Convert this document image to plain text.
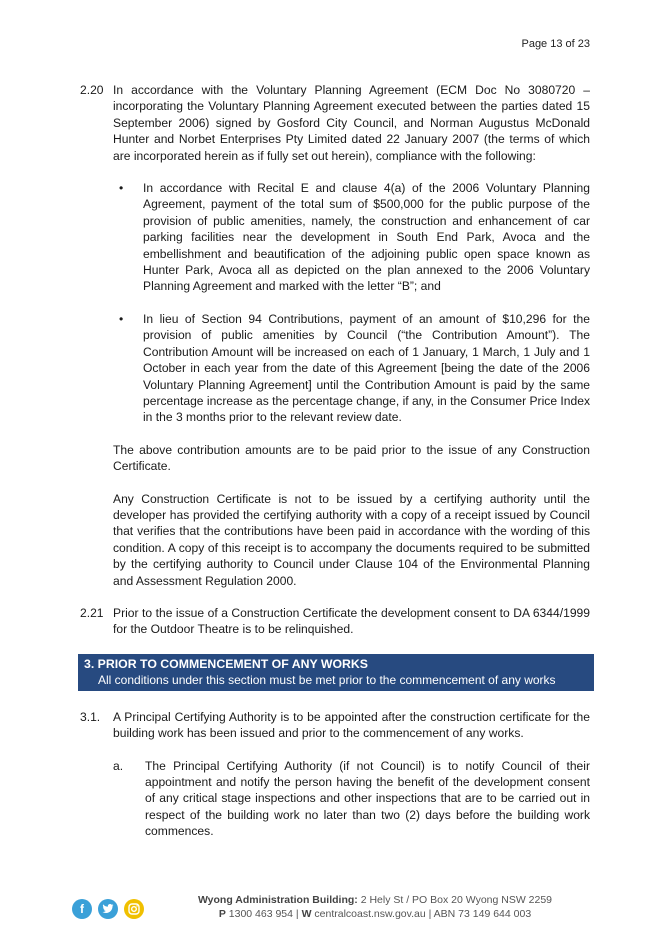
Page 13 of 23
2.20 In accordance with the Voluntary Planning Agreement (ECM Doc No 3080720 – incorporating the Voluntary Planning Agreement executed between the parties dated 15 September 2006) signed by Gosford City Council, and Norman Augustus McDonald Hunter and Norbet Enterprises Pty Limited dated 22 January 2007 (the terms of which are incorporated herein as if fully set out herein), compliance with the following:
• In accordance with Recital E and clause 4(a) of the 2006 Voluntary Planning Agreement, payment of the total sum of $500,000 for the public purpose of the provision of public amenities, namely, the construction and enhancement of car parking facilities near the development in South End Park, Avoca and the embellishment and beautification of the adjoining public open space known as Hunter Park, Avoca all as depicted on the plan annexed to the 2006 Voluntary Planning Agreement and marked with the letter “B”; and
• In lieu of Section 94 Contributions, payment of an amount of $10,296 for the provision of public amenities by Council (“the Contribution Amount”). The Contribution Amount will be increased on each of 1 January, 1 March, 1 July and 1 October in each year from the date of this Agreement [being the date of the 2006 Voluntary Planning Agreement] until the Contribution Amount is paid by the same percentage increase as the percentage change, if any, in the Consumer Price Index in the 3 months prior to the relevant review date.

The above contribution amounts are to be paid prior to the issue of any Construction Certificate.

Any Construction Certificate is not to be issued by a certifying authority until the developer has provided the certifying authority with a copy of a receipt issued by Council that verifies that the contributions have been paid in accordance with the wording of this condition. A copy of this receipt is to accompany the documents required to be submitted by the certifying authority to Council under Clause 104 of the Environmental Planning and Assessment Regulation 2000.

2.21 Prior to the issue of a Construction Certificate the development consent to DA 6344/1999 for the Outdoor Theatre is to be relinquished.
3. PRIOR TO COMMENCEMENT OF ANY WORKS
All conditions under this section must be met prior to the commencement of any works
3.1. A Principal Certifying Authority is to be appointed after the construction certificate for the building work has been issued and prior to the commencement of any works.
a. The Principal Certifying Authority (if not Council) is to notify Council of their appointment and notify the person having the benefit of the development consent of any critical stage inspections and other inspections that are to be carried out in respect of the building work no later than two (2) days before the building work commences.
f
Wyong Administration Building: 2 Hely St / PO Box 20 Wyong NSW 2259
P 1300 463 954 | W centralcoast.nsw.gov.au | ABN 73 149 644 003
